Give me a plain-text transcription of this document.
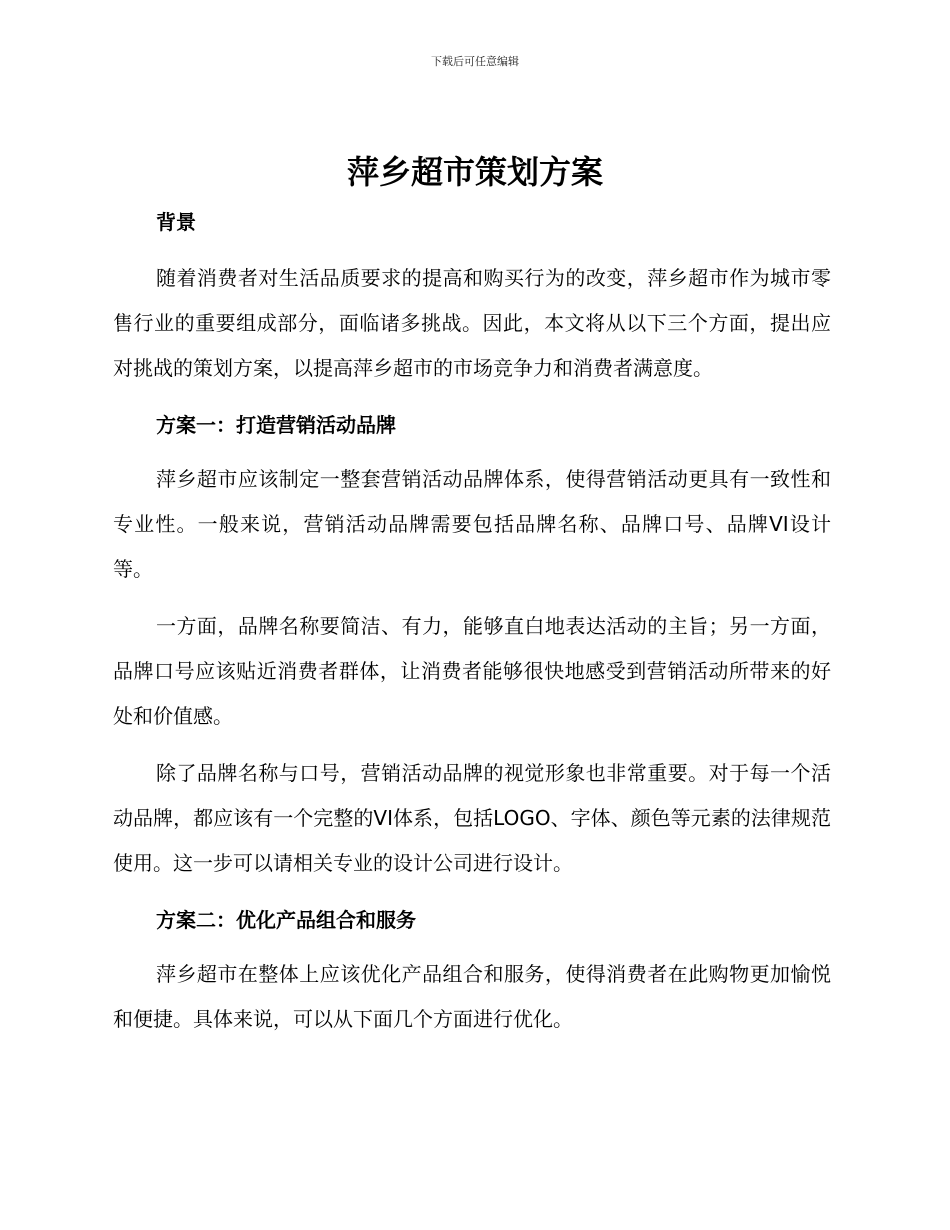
下载后可任意编辑
萍乡超市策划方案
背景

随着消费者对生活品质要求的提高和购买行为的改变，萍乡超市作为城市零售行业的重要组成部分，面临诸多挑战。因此，本文将从以下三个方面，提出应对挑战的策划方案，以提高萍乡超市的市场竞争力和消费者满意度。

方案一：打造营销活动品牌

萍乡超市应该制定一整套营销活动品牌体系，使得营销活动更具有一致性和专业性。一般来说，营销活动品牌需要包括品牌名称、品牌口号、品牌VI设计等。

一方面，品牌名称要简洁、有力，能够直白地表达活动的主旨；另一方面，品牌口号应该贴近消费者群体，让消费者能够很快地感受到营销活动所带来的好处和价值感。

除了品牌名称与口号，营销活动品牌的视觉形象也非常重要。对于每一个活动品牌，都应该有一个完整的VI体系，包括LOGO、字体、颜色等元素的法律规范使用。这一步可以请相关专业的设计公司进行设计。

方案二：优化产品组合和服务

萍乡超市在整体上应该优化产品组合和服务，使得消费者在此购物更加愉悦和便捷。具体来说，可以从下面几个方面进行优化。
